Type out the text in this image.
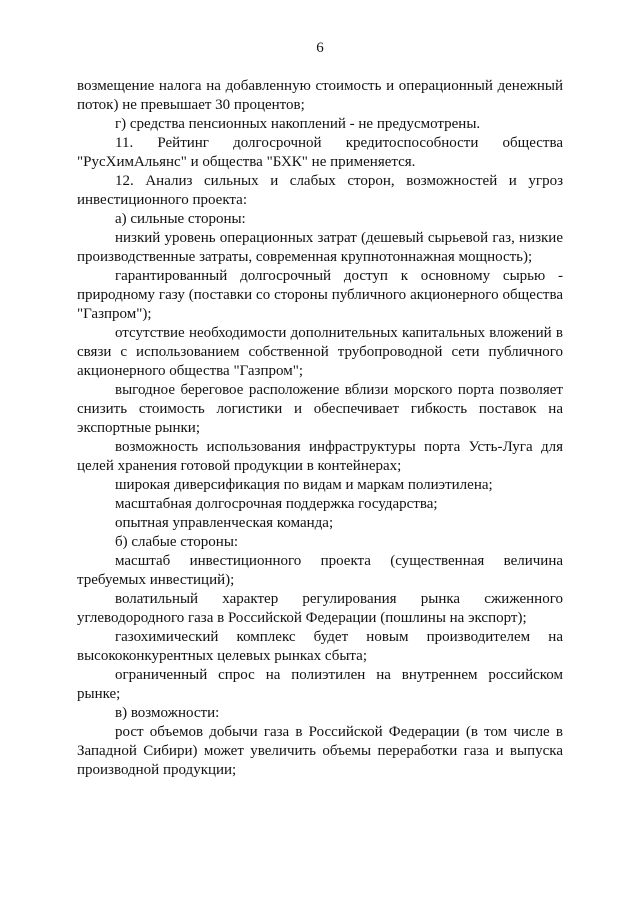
6

возмещение налога на добавленную стоимость и операционный денежный поток) не превышает 30 процентов;

г) средства пенсионных накоплений - не предусмотрены.

11. Рейтинг долгосрочной кредитоспособности общества "РусХимАльянс" и общества "БХК" не применяется.

12. Анализ сильных и слабых сторон, возможностей и угроз инвестиционного проекта:

а) сильные стороны:

низкий уровень операционных затрат (дешевый сырьевой газ, низкие производственные затраты, современная крупнотоннажная мощность);

гарантированный долгосрочный доступ к основному сырью - природному газу (поставки со стороны публичного акционерного общества "Газпром");

отсутствие необходимости дополнительных капитальных вложений в связи с использованием собственной трубопроводной сети публичного акционерного общества "Газпром";

выгодное береговое расположение вблизи морского порта позволяет снизить стоимость логистики и обеспечивает гибкость поставок на экспортные рынки;

возможность использования инфраструктуры порта Усть-Луга для целей хранения готовой продукции в контейнерах;

широкая диверсификация по видам и маркам полиэтилена;

масштабная долгосрочная поддержка государства;

опытная управленческая команда;

б) слабые стороны:

масштаб инвестиционного проекта (существенная величина требуемых инвестиций);

волатильный характер регулирования рынка сжиженного углеводородного газа в Российской Федерации (пошлины на экспорт);

газохимический комплекс будет новым производителем на высококонкурентных целевых рынках сбыта;

ограниченный спрос на полиэтилен на внутреннем российском рынке;

в) возможности:

рост объемов добычи газа в Российской Федерации (в том числе в Западной Сибири) может увеличить объемы переработки газа и выпуска производной продукции;
